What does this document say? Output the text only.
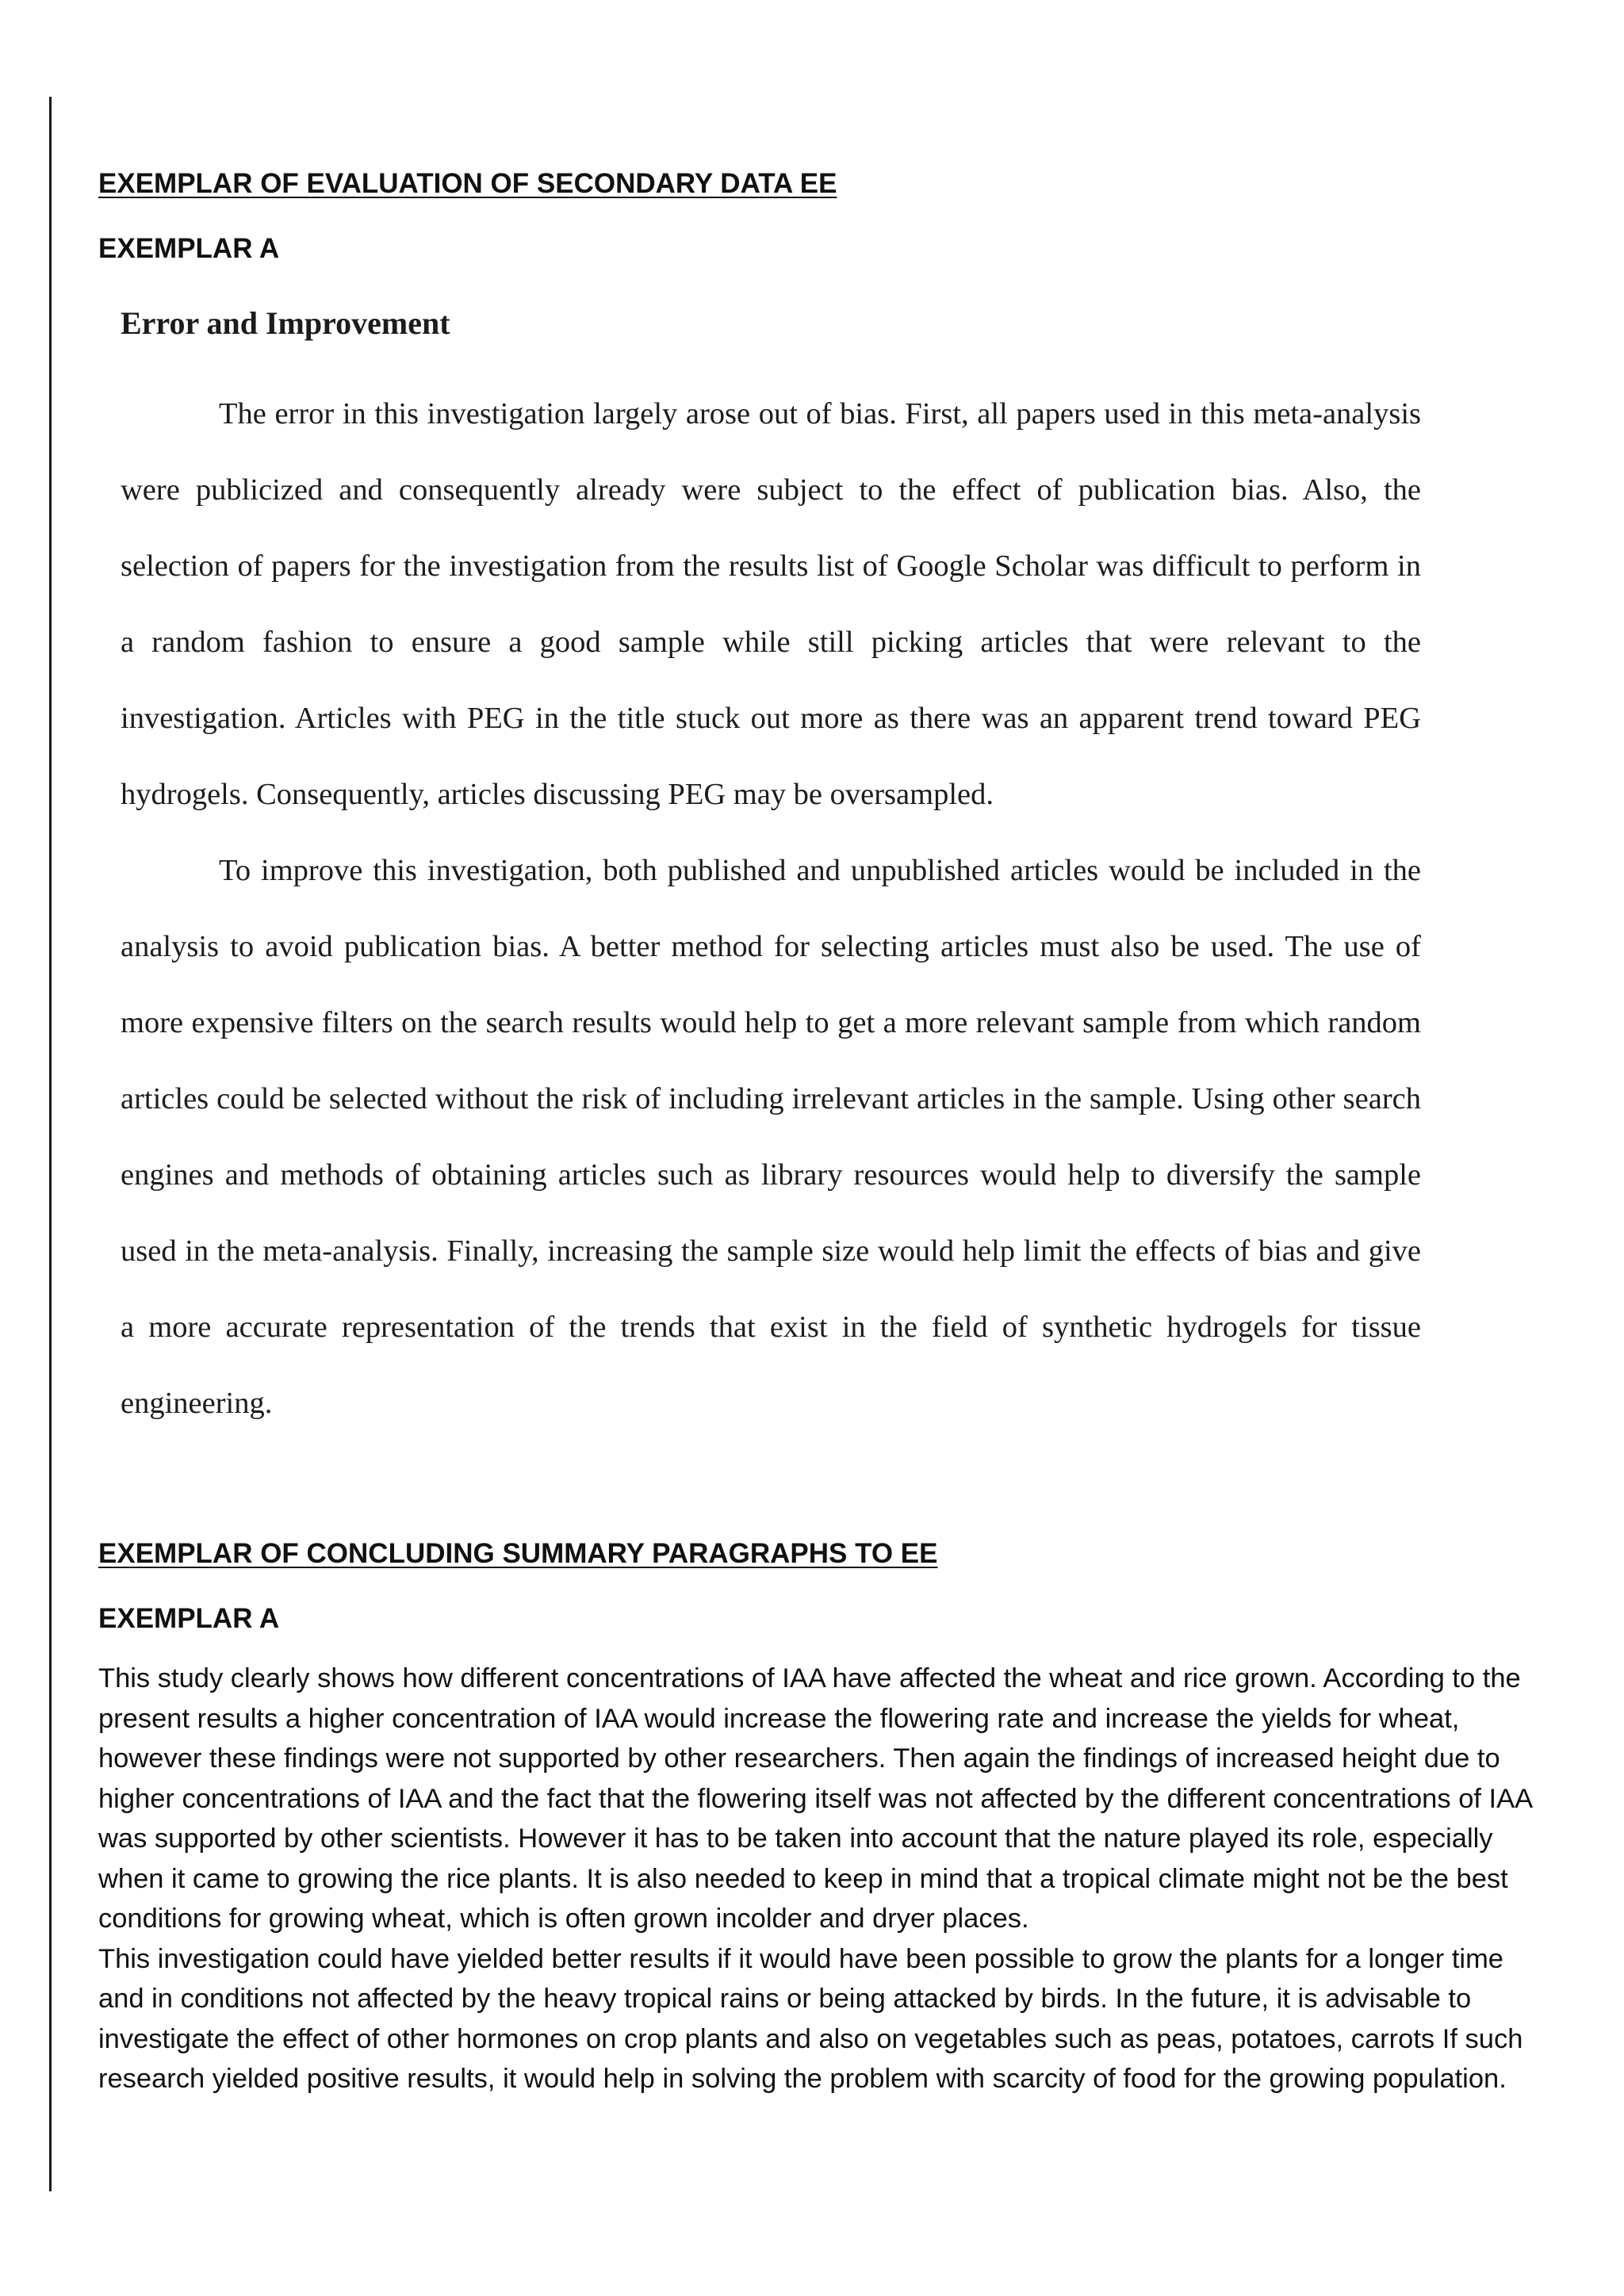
EXEMPLAR OF EVALUATION OF SECONDARY DATA EE
EXEMPLAR A
Error and Improvement

The error in this investigation largely arose out of bias. First, all papers used in this meta-analysis were publicized and consequently already were subject to the effect of publication bias. Also, the selection of papers for the investigation from the results list of Google Scholar was difficult to perform in a random fashion to ensure a good sample while still picking articles that were relevant to the investigation. Articles with PEG in the title stuck out more as there was an apparent trend toward PEG hydrogels. Consequently, articles discussing PEG may be oversampled.

To improve this investigation, both published and unpublished articles would be included in the analysis to avoid publication bias. A better method for selecting articles must also be used. The use of more expensive filters on the search results would help to get a more relevant sample from which random articles could be selected without the risk of including irrelevant articles in the sample. Using other search engines and methods of obtaining articles such as library resources would help to diversify the sample used in the meta-analysis. Finally, increasing the sample size would help limit the effects of bias and give a more accurate representation of the trends that exist in the field of synthetic hydrogels for tissue engineering.

EXEMPLAR OF CONCLUDING SUMMARY PARAGRAPHS TO EE
EXEMPLAR A

This study clearly shows how different concentrations of IAA have affected the wheat and rice grown. According to the present results a higher concentration of IAA would increase the flowering rate and increase the yields for wheat, however these findings were not supported by other researchers. Then again the findings of increased height due to higher concentrations of IAA and the fact that the flowering itself was not affected by the different concentrations of IAA was supported by other scientists. However it has to be taken into account that the nature played its role, especially when it came to growing the rice plants. It is also needed to keep in mind that a tropical climate might not be the best conditions for growing wheat, which is often grown incolder and dryer places.

This investigation could have yielded better results if it would have been possible to grow the plants for a longer time and in conditions not affected by the heavy tropical rains or being attacked by birds. In the future, it is advisable to investigate the effect of other hormones on crop plants and also on vegetables such as peas, potatoes, carrots If such research yielded positive results, it would help in solving the problem with scarcity of food for the growing population.
